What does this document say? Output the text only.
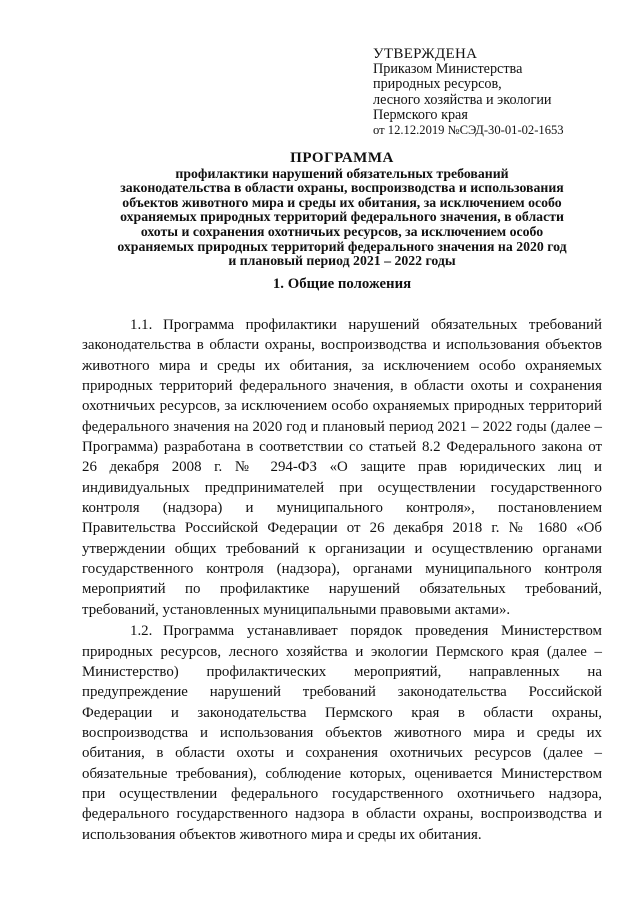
УТВЕРЖДЕНА
Приказом Министерства
природных ресурсов,
лесного хозяйства и экологии
Пермского края
от 12.12.2019 №СЭД-30-01-02-1653
ПРОГРАММА
профилактики нарушений обязательных требований
законодательства в области охраны, воспроизводства и использования
объектов животного мира и среды их обитания, за исключением особо
охраняемых природных территорий федерального значения, в области
охоты и сохранения охотничьих ресурсов, за исключением особо
охраняемых природных территорий федерального значения на 2020 год
и плановый период 2021 – 2022 годы
1. Общие положения

1.1. Программа профилактики нарушений обязательных требований законодательства в области охраны, воспроизводства и использования объектов животного мира и среды их обитания, за исключением особо охраняемых природных территорий федерального значения, в области охоты и сохранения охотничьих ресурсов, за исключением особо охраняемых природных территорий федерального значения на 2020 год и плановый период 2021 – 2022 годы (далее – Программа) разработана в соответствии со статьей 8.2 Федерального закона от 26 декабря 2008 г. № 294-ФЗ «О защите прав юридических лиц и индивидуальных предпринимателей при осуществлении государственного контроля (надзора) и муниципального контроля», постановлением Правительства Российской Федерации от 26 декабря 2018 г. № 1680 «Об утверждении общих требований к организации и осуществлению органами государственного контроля (надзора), органами муниципального контроля мероприятий по профилактике нарушений обязательных требований, требований, установленных муниципальными правовыми актами».

1.2. Программа устанавливает порядок проведения Министерством природных ресурсов, лесного хозяйства и экологии Пермского края (далее – Министерство) профилактических мероприятий, направленных на предупреждение нарушений требований законодательства Российской Федерации и законодательства Пермского края в области охраны, воспроизводства и использования объектов животного мира и среды их обитания, в области охоты и сохранения охотничьих ресурсов (далее – обязательные требования), соблюдение которых, оценивается Министерством при осуществлении федерального государственного охотничьего надзора, федерального государственного надзора в области охраны, воспроизводства и использования объектов животного мира и среды их обитания.
